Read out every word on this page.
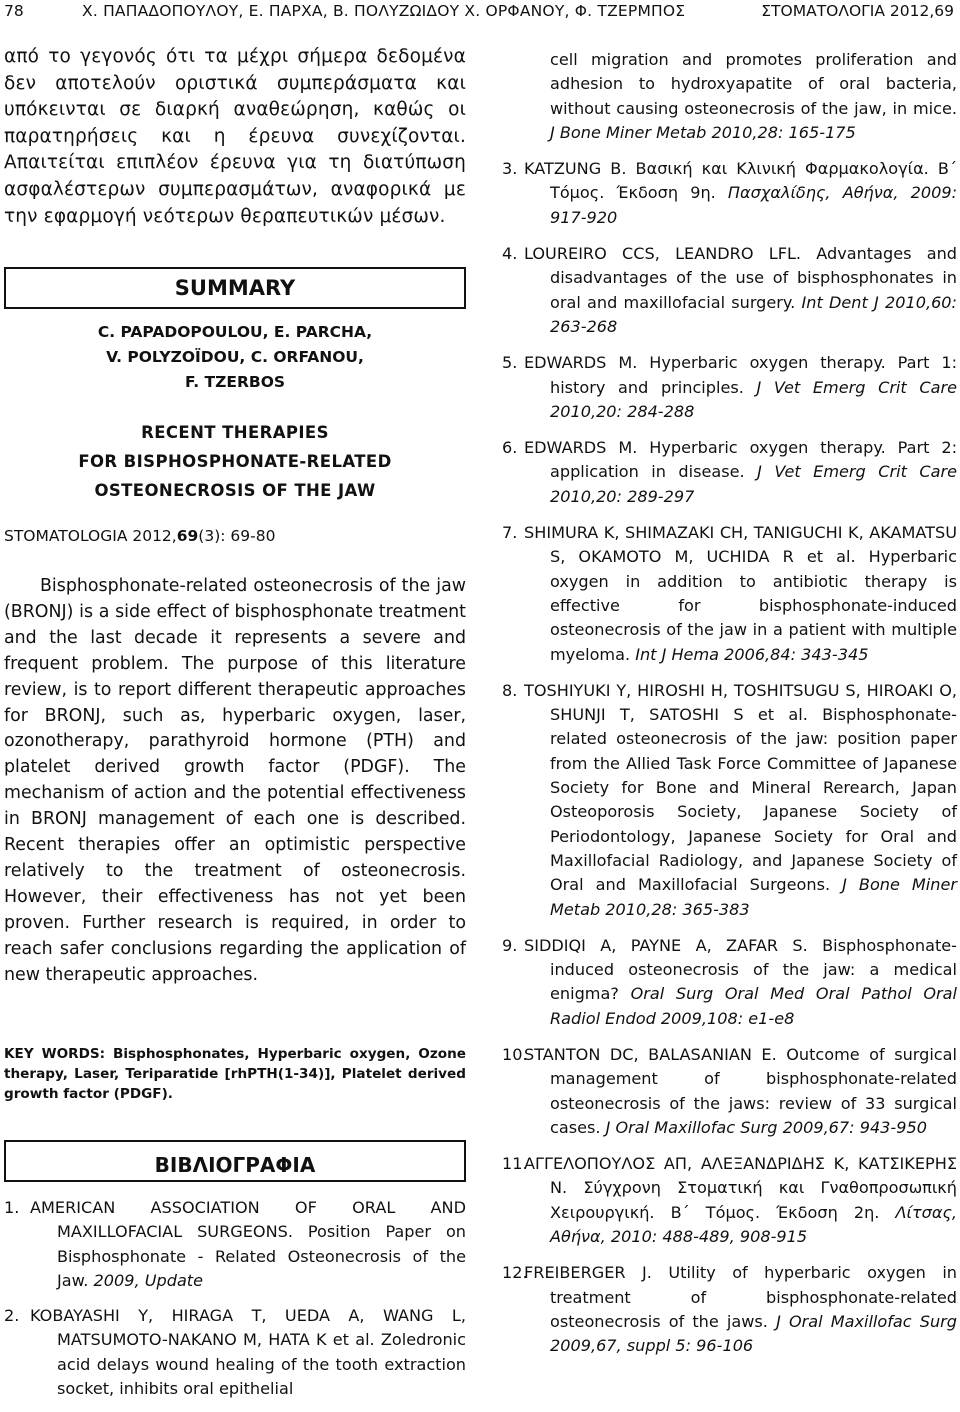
78	Χ. ΠΑΠΑΔΟΠΟΥΛΟΥ, Ε. ΠΑΡΧΑ, Β. ΠΟΛΥΖΩΙΔΟΥ Χ. ΟΡΦΑΝΟΥ, Φ. ΤΖΕΡΜΠΟΣ	ΣΤΟΜΑΤΟΛΟΓΙΑ 2012,69

από το γεγονός ότι τα μέχρι σήμερα δεδομένα δεν αποτελούν οριστικά συμπεράσματα και υπόκεινται σε διαρκή αναθεώρηση, καθώς οι παρατηρήσεις και η έρευνα συνεχίζονται. Απαιτείται επιπλέον έρευνα για τη διατύπωση ασφαλέστερων συμπερασμάτων, αναφορικά με την εφαρμογή νεότερων θεραπευτικών μέσων.

SUMMARY
C. PAPADOPOULOU, E. PARCHA,
V. POLYZOÏDOU, C. ORFANOU,
F. TZERBOS
RECENT THERAPIES
FOR BISPHOSPHONATE-RELATED
OSTEONECROSIS OF THE JAW
STOMATOLOGIA 2012,69(3): 69-80

Bisphosphonate-related osteonecrosis of the jaw (BRONJ) is a side effect of bisphosphonate treatment and the last decade it represents a severe and frequent problem. The purpose of this literature review, is to report different therapeutic approaches for BRONJ, such as, hyperbaric oxygen, laser, ozonotherapy, parathyroid hormone (PTH) and platelet derived growth factor (PDGF). The mechanism of action and the potential effectiveness in BRONJ management of each one is described. Recent therapies offer an optimistic perspective relatively to the treatment of osteonecrosis. However, their effectiveness has not yet been proven. Further research is required, in order to reach safer conclusions regarding the application of new therapeutic approaches.

KEY WORDS: Bisphosphonates, Hyperbaric oxygen, Ozone therapy, Laser, Teriparatide [rhPTH(1-34)], Platelet derived growth factor (PDGF).

ΒΙΒΛΙΟΓΡΑΦΙΑ

1. AMERICAN ASSOCIATION OF ORAL AND MAXILLOFACIAL SURGEONS. Position Paper on Bisphosphonate - Related Osteonecrosis of the Jaw. 2009, Update

2. KOBAYASHI Y, HIRAGA T, UEDA A, WANG L, MATSUMOTO-NAKANO M, HATA K et al. Zoledronic acid delays wound healing of the tooth extraction socket, inhibits oral epithelial

cell migration and promotes proliferation and adhesion to hydroxyapatite of oral bacteria, without causing osteonecrosis of the jaw, in mice. J Bone Miner Metab 2010,28: 165-175

3. KATZUNG B. Βασική και Κλινική Φαρμακολογία. Β΄ Τόμος. Έκδοση 9η. Πασχαλίδης, Αθήνα, 2009: 917-920

4. LOUREIRO CCS, LEANDRO LFL. Advantages and disadvantages of the use of bisphosphonates in oral and maxillofacial surgery. Int Dent J 2010,60: 263-268

5. EDWARDS M. Hyperbaric oxygen therapy. Part 1: history and principles. J Vet Emerg Crit Care 2010,20: 284-288

6. EDWARDS M. Hyperbaric oxygen therapy. Part 2: application in disease. J Vet Emerg Crit Care 2010,20: 289-297

7. SHIMURA K, SHIMAZAKI CH, TANIGUCHI K, AKAMATSU S, OKAMOTO M, UCHIDA R et al. Hyperbaric oxygen in addition to antibiotic therapy is effective for bisphosphonate-induced osteonecrosis of the jaw in a patient with multiple myeloma. Int J Hema 2006,84: 343-345

8. TOSHIYUKI Y, HIROSHI H, TOSHITSUGU S, HIROAKI O, SHUNJI T, SATOSHI S et al. Bisphosphonate-related osteonecrosis of the jaw: position paper from the Allied Task Force Committee of Japanese Society for Bone and Mineral Rerearch, Japan Osteoporosis Society, Japanese Society of Periodontology, Japanese Society for Oral and Maxillofacial Radiology, and Japanese Society of Oral and Maxillofacial Surgeons. J Bone Miner Metab 2010,28: 365-383

9. SIDDIQI A, PAYNE A, ZAFAR S. Bisphosphonate-induced osteonecrosis of the jaw: a medical enigma? Oral Surg Oral Med Oral Pathol Oral Radiol Endod 2009,108: e1-e8

10.STANTON DC, BALASANIAN E. Outcome of surgical management of bisphosphonate-related osteonecrosis of the jaws: review of 33 surgical cases. J Oral Maxillofac Surg 2009,67: 943-950

11.ΑΓΓΕΛΟΠΟΥΛΟΣ ΑΠ, ΑΛΕΞΑΝΔΡΙΔΗΣ Κ, ΚΑΤΣΙΚΕΡΗΣ Ν. Σύγχρονη Στοματική και Γναθοπροσωπική Χειρουργική. Β΄ Τόμος. Έκδοση 2η. Λίτσας, Αθήνα, 2010: 488-489, 908-915

12.FREIBERGER J. Utility of hyperbaric oxygen in treatment of bisphosphonate-related osteonecrosis of the jaws. J Oral Maxillofac Surg 2009,67, suppl 5: 96-106
